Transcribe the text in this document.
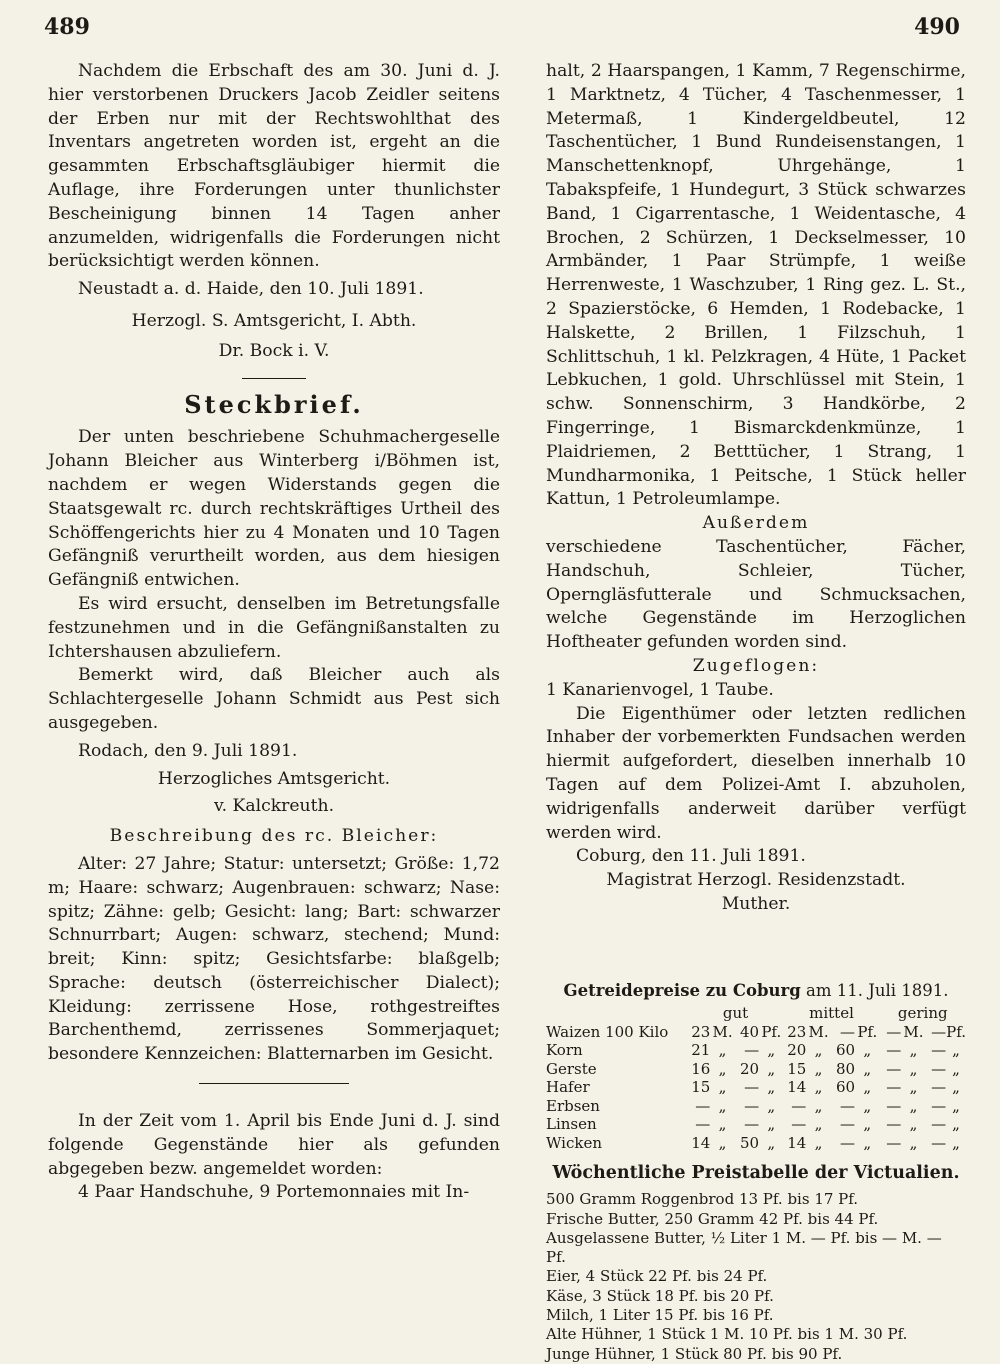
489	490

Nachdem die Erbschaft des am 30. Juni d. J. hier verstorbenen Druckers Jacob Zeidler seitens der Erben nur mit der Rechtswohlthat des Inventars angetreten worden ist, ergeht an die gesammten Erbschaftsgläubiger hiermit die Auflage, ihre Forderungen unter thunlichster Bescheinigung binnen 14 Tagen anher anzumelden, widrigenfalls die Forderungen nicht berücksichtigt werden können.

Neustadt a. d. Haide, den 10. Juli 1891.

Herzogl. S. Amtsgericht, I. Abth.

Dr. Bock i. V.

Steckbrief.

Der unten beschriebene Schuhmachergeselle Johann Bleicher aus Winterberg i/Böhmen ist, nachdem er wegen Widerstands gegen die Staatsgewalt rc. durch rechtskräftiges Urtheil des Schöffengerichts hier zu 4 Monaten und 10 Tagen Gefängniß verurtheilt worden, aus dem hiesigen Gefängniß entwichen.

Es wird ersucht, denselben im Betretungsfalle festzunehmen und in die Gefängnißanstalten zu Ichtershausen abzuliefern.

Bemerkt wird, daß Bleicher auch als Schlachtergeselle Johann Schmidt aus Pest sich ausgegeben.

Rodach, den 9. Juli 1891.

Herzogliches Amtsgericht.

v. Kalckreuth.

Beschreibung des rc. Bleicher:

Alter: 27 Jahre; Statur: untersetzt; Größe: 1,72 m; Haare: schwarz; Augenbrauen: schwarz; Nase: spitz; Zähne: gelb; Gesicht: lang; Bart: schwarzer Schnurrbart; Augen: schwarz, stechend; Mund: breit; Kinn: spitz; Gesichtsfarbe: blaßgelb; Sprache: deutsch (österreichischer Dialect); Kleidung: zerrissene Hose, rothgestreiftes Barchenthemd, zerrissenes Sommerjaquet; besondere Kennzeichen: Blatternarben im Gesicht.

In der Zeit vom 1. April bis Ende Juni d. J. sind folgende Gegenstände hier als gefunden abgegeben bezw. angemeldet worden:

4 Paar Handschuhe, 9 Portemonnaies mit In-

halt, 2 Haarspangen, 1 Kamm, 7 Regenschirme, 1 Marktnetz, 4 Tücher, 4 Taschenmesser, 1 Metermaß, 1 Kindergeldbeutel, 12 Taschentücher, 1 Bund Rundeisenstangen, 1 Manschettenknopf, Uhrgehänge, 1 Tabakspfeife, 1 Hundegurt, 3 Stück schwarzes Band, 1 Cigarrentasche, 1 Weidentasche, 4 Brochen, 2 Schürzen, 1 Deckselmesser, 10 Armbänder, 1 Paar Strümpfe, 1 weiße Herrenweste, 1 Waschzuber, 1 Ring gez. L. St., 2 Spazierstöcke, 6 Hemden, 1 Rodebacke, 1 Halskette, 2 Brillen, 1 Filzschuh, 1 Schlittschuh, 1 kl. Pelzkragen, 4 Hüte, 1 Packet Lebkuchen, 1 gold. Uhrschlüssel mit Stein, 1 schw. Sonnenschirm, 3 Handkörbe, 2 Fingerringe, 1 Bismarckdenkmünze, 1 Plaidriemen, 2 Betttücher, 1 Strang, 1 Mundharmonika, 1 Peitsche, 1 Stück heller Kattun, 1 Petroleumlampe.

Außerdem

verschiedene Taschentücher, Fächer, Handschuh, Schleier, Tücher, Operngläsfutterale und Schmucksachen, welche Gegenstände im Herzoglichen Hoftheater gefunden worden sind.

Zugeflogen:

1 Kanarienvogel, 1 Taube.

Die Eigenthümer oder letzten redlichen Inhaber der vorbemerkten Fundsachen werden hiermit aufgefordert, dieselben innerhalb 10 Tagen auf dem Polizei-Amt I. abzuholen, widrigenfalls anderweit darüber verfügt werden wird.

Coburg, den 11. Juli 1891.

Magistrat Herzogl. Residenzstadt.

Muther.

Getreidepreise zu Coburg am 11. Juli 1891.

	gut				mittel				gering			
Waizen 100 Kilo	23	M.	40	Pf.	23	M.	—	Pf.	—	M.	—	Pf.
Korn	21	„	—	„	20	„	60	„	—	„	—	„
Gerste	16	„	20	„	15	„	80	„	—	„	—	„
Hafer	15	„	—	„	14	„	60	„	—	„	—	„
Erbsen	—	„	—	„	—	„	—	„	—	„	—	„
Linsen	—	„	—	„	—	„	—	„	—	„	—	„
Wicken	14	„	50	„	14	„	—	„	—	„	—	„

Wöchentliche Preistabelle der Victualien.

500 Gramm Roggenbrod 13 Pf. bis 17 Pf.

Frische Butter, 250 Gramm 42 Pf. bis 44 Pf.

Ausgelassene Butter, ½ Liter 1 M. — Pf. bis — M. — Pf.

Eier, 4 Stück 22 Pf. bis 24 Pf.

Käse, 3 Stück 18 Pf. bis 20 Pf.

Milch, 1 Liter 15 Pf. bis 16 Pf.

Alte Hühner, 1 Stück 1 M. 10 Pf. bis 1 M. 30 Pf.

Junge Hühner, 1 Stück 80 Pf. bis 90 Pf.
